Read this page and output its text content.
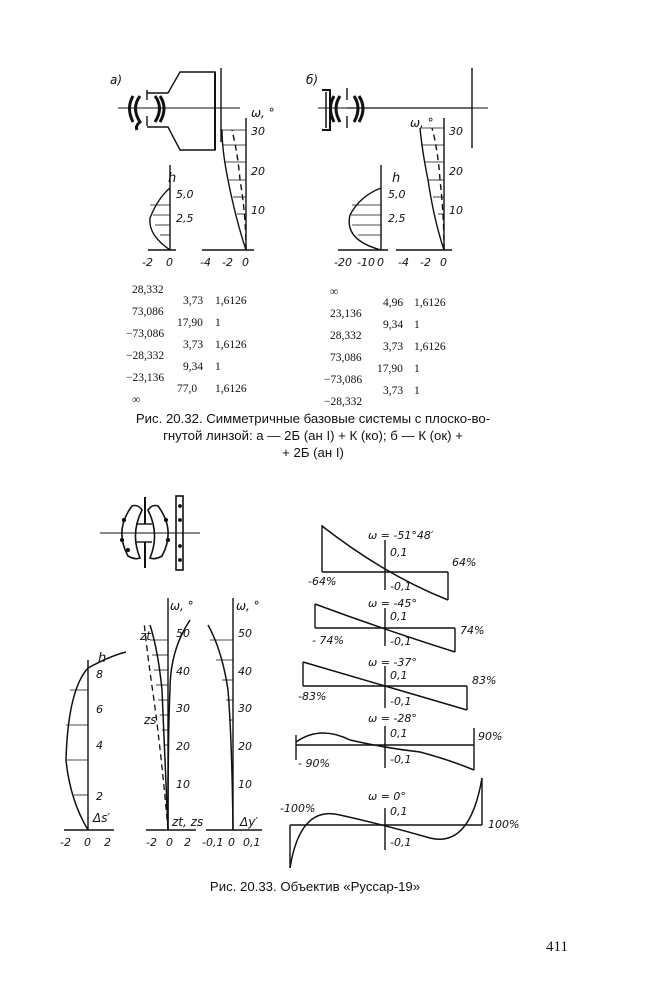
а)
ω, °
h
5,0
2,5
30
20
10
-2 0 -4 -2 0
б)
ω, °
h
5,0
2,5
30
20
10
-20 -10 0 -4 -2 0
h
8
6
4
2
Δs′
-2 0 2
ω, °	ω, °
50
40
30
20
10
50
40
30
20
10
zt
zs
zt, zs	Δy′
-2 0 2 -0,1 0 0,1
ω = -51°48′
0,1
-0,1
-64%
64%
ω = -45°
0,1
-0,1
- 74%
74%
ω = -37°
0,1
-0,1
-83%
83%
ω = -28°
0,1
-0,1
- 90%
90%
ω = 0°
0,1
-0,1
-100%
100%
28,332
3,73 1,6126
73,086
17,90 1
−73,086
3,73 1,6126
−28,332
9,34 1
−23,136
77,0 1,6126
∞
∞
4,96 1,6126
23,136
9,34 1
28,332
3,73 1,6126
73,086
17,90 1
−73,086
3,73 1
−28,332
Рис. 20.32. Симметричные базовые системы с плоско-во-
гнутой линзой: а — 2Б (ан I) + К (ко); б — К (ок) +
+ 2Б (ан I)
Рис. 20.33. Объектив «Руссар-19»
411
